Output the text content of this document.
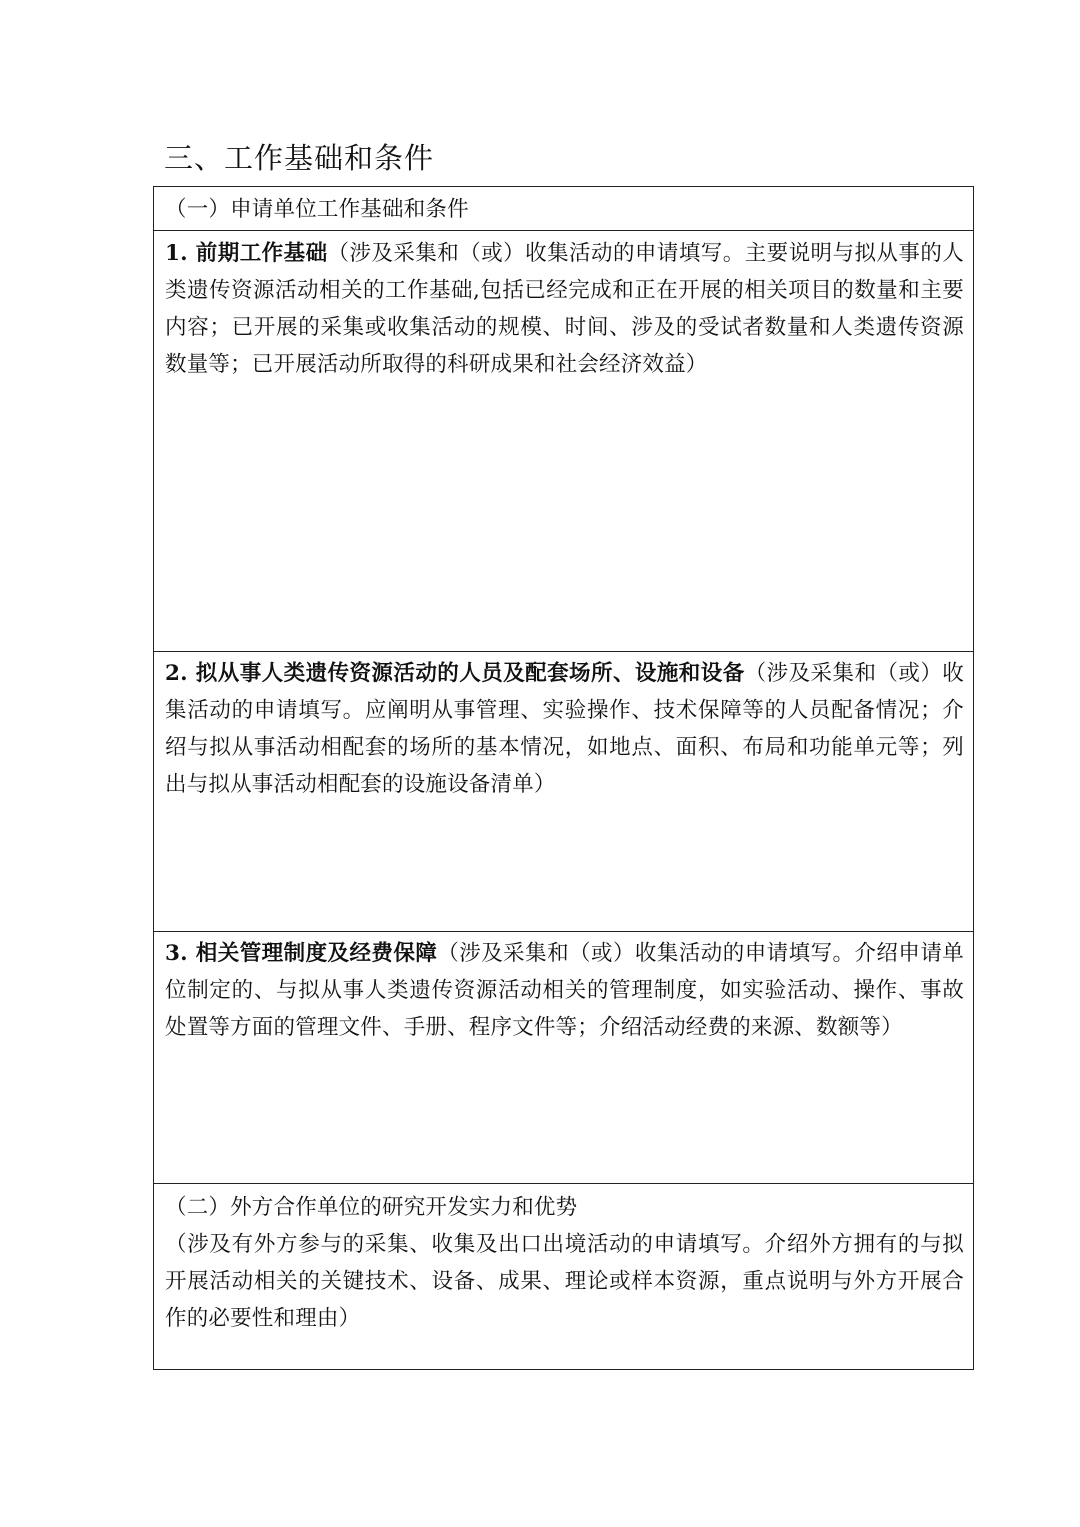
三、工作基础和条件
（一）申请单位工作基础和条件
1. 前期工作基础（涉及采集和（或）收集活动的申请填写。主要说明与拟从事的人类遗传资源活动相关的工作基础,包括已经完成和正在开展的相关项目的数量和主要内容；已开展的采集或收集活动的规模、时间、涉及的受试者数量和人类遗传资源数量等；已开展活动所取得的科研成果和社会经济效益）
2. 拟从事人类遗传资源活动的人员及配套场所、设施和设备（涉及采集和（或）收集活动的申请填写。应阐明从事管理、实验操作、技术保障等的人员配备情况；介绍与拟从事活动相配套的场所的基本情况，如地点、面积、布局和功能单元等；列出与拟从事活动相配套的设施设备清单）
3. 相关管理制度及经费保障（涉及采集和（或）收集活动的申请填写。介绍申请单位制定的、与拟从事人类遗传资源活动相关的管理制度，如实验活动、操作、事故处置等方面的管理文件、手册、程序文件等；介绍活动经费的来源、数额等）
（二）外方合作单位的研究开发实力和优势
（涉及有外方参与的采集、收集及出口出境活动的申请填写。介绍外方拥有的与拟开展活动相关的关键技术、设备、成果、理论或样本资源，重点说明与外方开展合作的必要性和理由）
